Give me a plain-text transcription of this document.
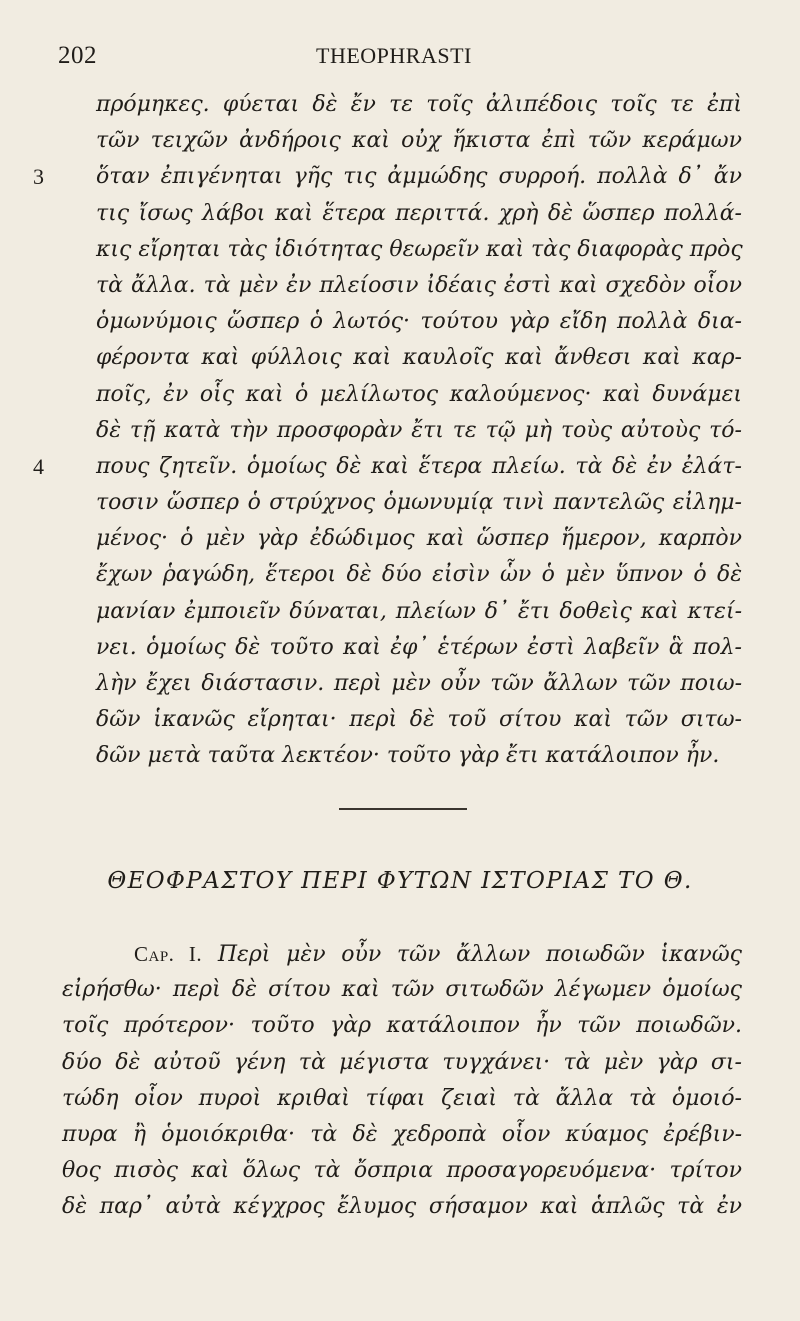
202	THEOPHRASTI
πρόμηκες. φύεται δὲ ἔν τε τοῖς ἀλιπέδοις τοῖς τε ἐπὶ
τῶν τειχῶν ἀνδήροις καὶ οὐχ ἥκιστα ἐπὶ τῶν κεράμων
3 ὅταν ἐπιγένηται γῆς τις ἀμμώδης συρροή. πολλὰ δ᾽ ἄν
τις ἴσως λάβοι καὶ ἕτερα περιττά. χρὴ δὲ ὥσπερ πολλά-
κις εἴρηται τὰς ἰδιότητας θεωρεῖν καὶ τὰς διαφορὰς πρὸς
τὰ ἄλλα. τὰ μὲν ἐν πλείοσιν ἰδέαις ἐστὶ καὶ σχεδὸν οἷον
ὁμωνύμοις ὥσπερ ὁ λωτός· τούτου γὰρ εἴδη πολλὰ δια-
φέροντα καὶ φύλλοις καὶ καυλοῖς καὶ ἄνθεσι καὶ καρ-
ποῖς, ἐν οἷς καὶ ὁ μελίλωτος καλούμενος· καὶ δυνάμει
δὲ τῇ κατὰ τὴν προσφορὰν ἔτι τε τῷ μὴ τοὺς αὐτοὺς τό-
4 πους ζητεῖν. ὁμοίως δὲ καὶ ἕτερα πλείω. τὰ δὲ ἐν ἐλάτ-
τοσιν ὥσπερ ὁ στρύχνος ὁμωνυμίᾳ τινὶ παντελῶς εἰλημ-
μένος· ὁ μὲν γὰρ ἐδώδιμος καὶ ὥσπερ ἥμερον, καρπὸν
ἔχων ῥαγώδη, ἕτεροι δὲ δύο εἰσὶν ὧν ὁ μὲν ὕπνον ὁ δὲ
μανίαν ἐμποιεῖν δύναται, πλείων δ᾽ ἔτι δοθεὶς καὶ κτεί-
νει. ὁμοίως δὲ τοῦτο καὶ ἐφ᾽ ἑτέρων ἐστὶ λαβεῖν ἃ πολ-
λὴν ἔχει διάστασιν. περὶ μὲν οὖν τῶν ἄλλων τῶν ποιω-
δῶν ἱκανῶς εἴρηται· περὶ δὲ τοῦ σίτου καὶ τῶν σιτω-
δῶν μετὰ ταῦτα λεκτέον· τοῦτο γὰρ ἔτι κατάλοιπον ἦν.
ΘΕΟΦΡΑΣΤΟΥ ΠΕΡΙ ΦΥΤΩΝ ΙΣΤΟΡΙΑΣ ΤΟ Θ.
Cap. I. Περὶ μὲν οὖν τῶν ἄλλων ποιωδῶν ἱκανῶς
εἰρήσθω· περὶ δὲ σίτου καὶ τῶν σιτωδῶν λέγωμεν ὁμοίως
τοῖς πρότερον· τοῦτο γὰρ κατάλοιπον ἦν τῶν ποιωδῶν.
δύο δὲ αὐτοῦ γένη τὰ μέγιστα τυγχάνει· τὰ μὲν γὰρ σι-
τώδη οἷον πυροὶ κριθαὶ τίφαι ζειαὶ τὰ ἄλλα τὰ ὁμοιό-
πυρα ἢ ὁμοιόκριθα· τὰ δὲ χεδροπὰ οἷον κύαμος ἐρέβιν-
θος πισὸς καὶ ὅλως τὰ ὄσπρια προσαγορευόμενα· τρίτον
δὲ παρ᾽ αὐτὰ κέγχρος ἔλυμος σήσαμον καὶ ἁπλῶς τὰ ἐν
